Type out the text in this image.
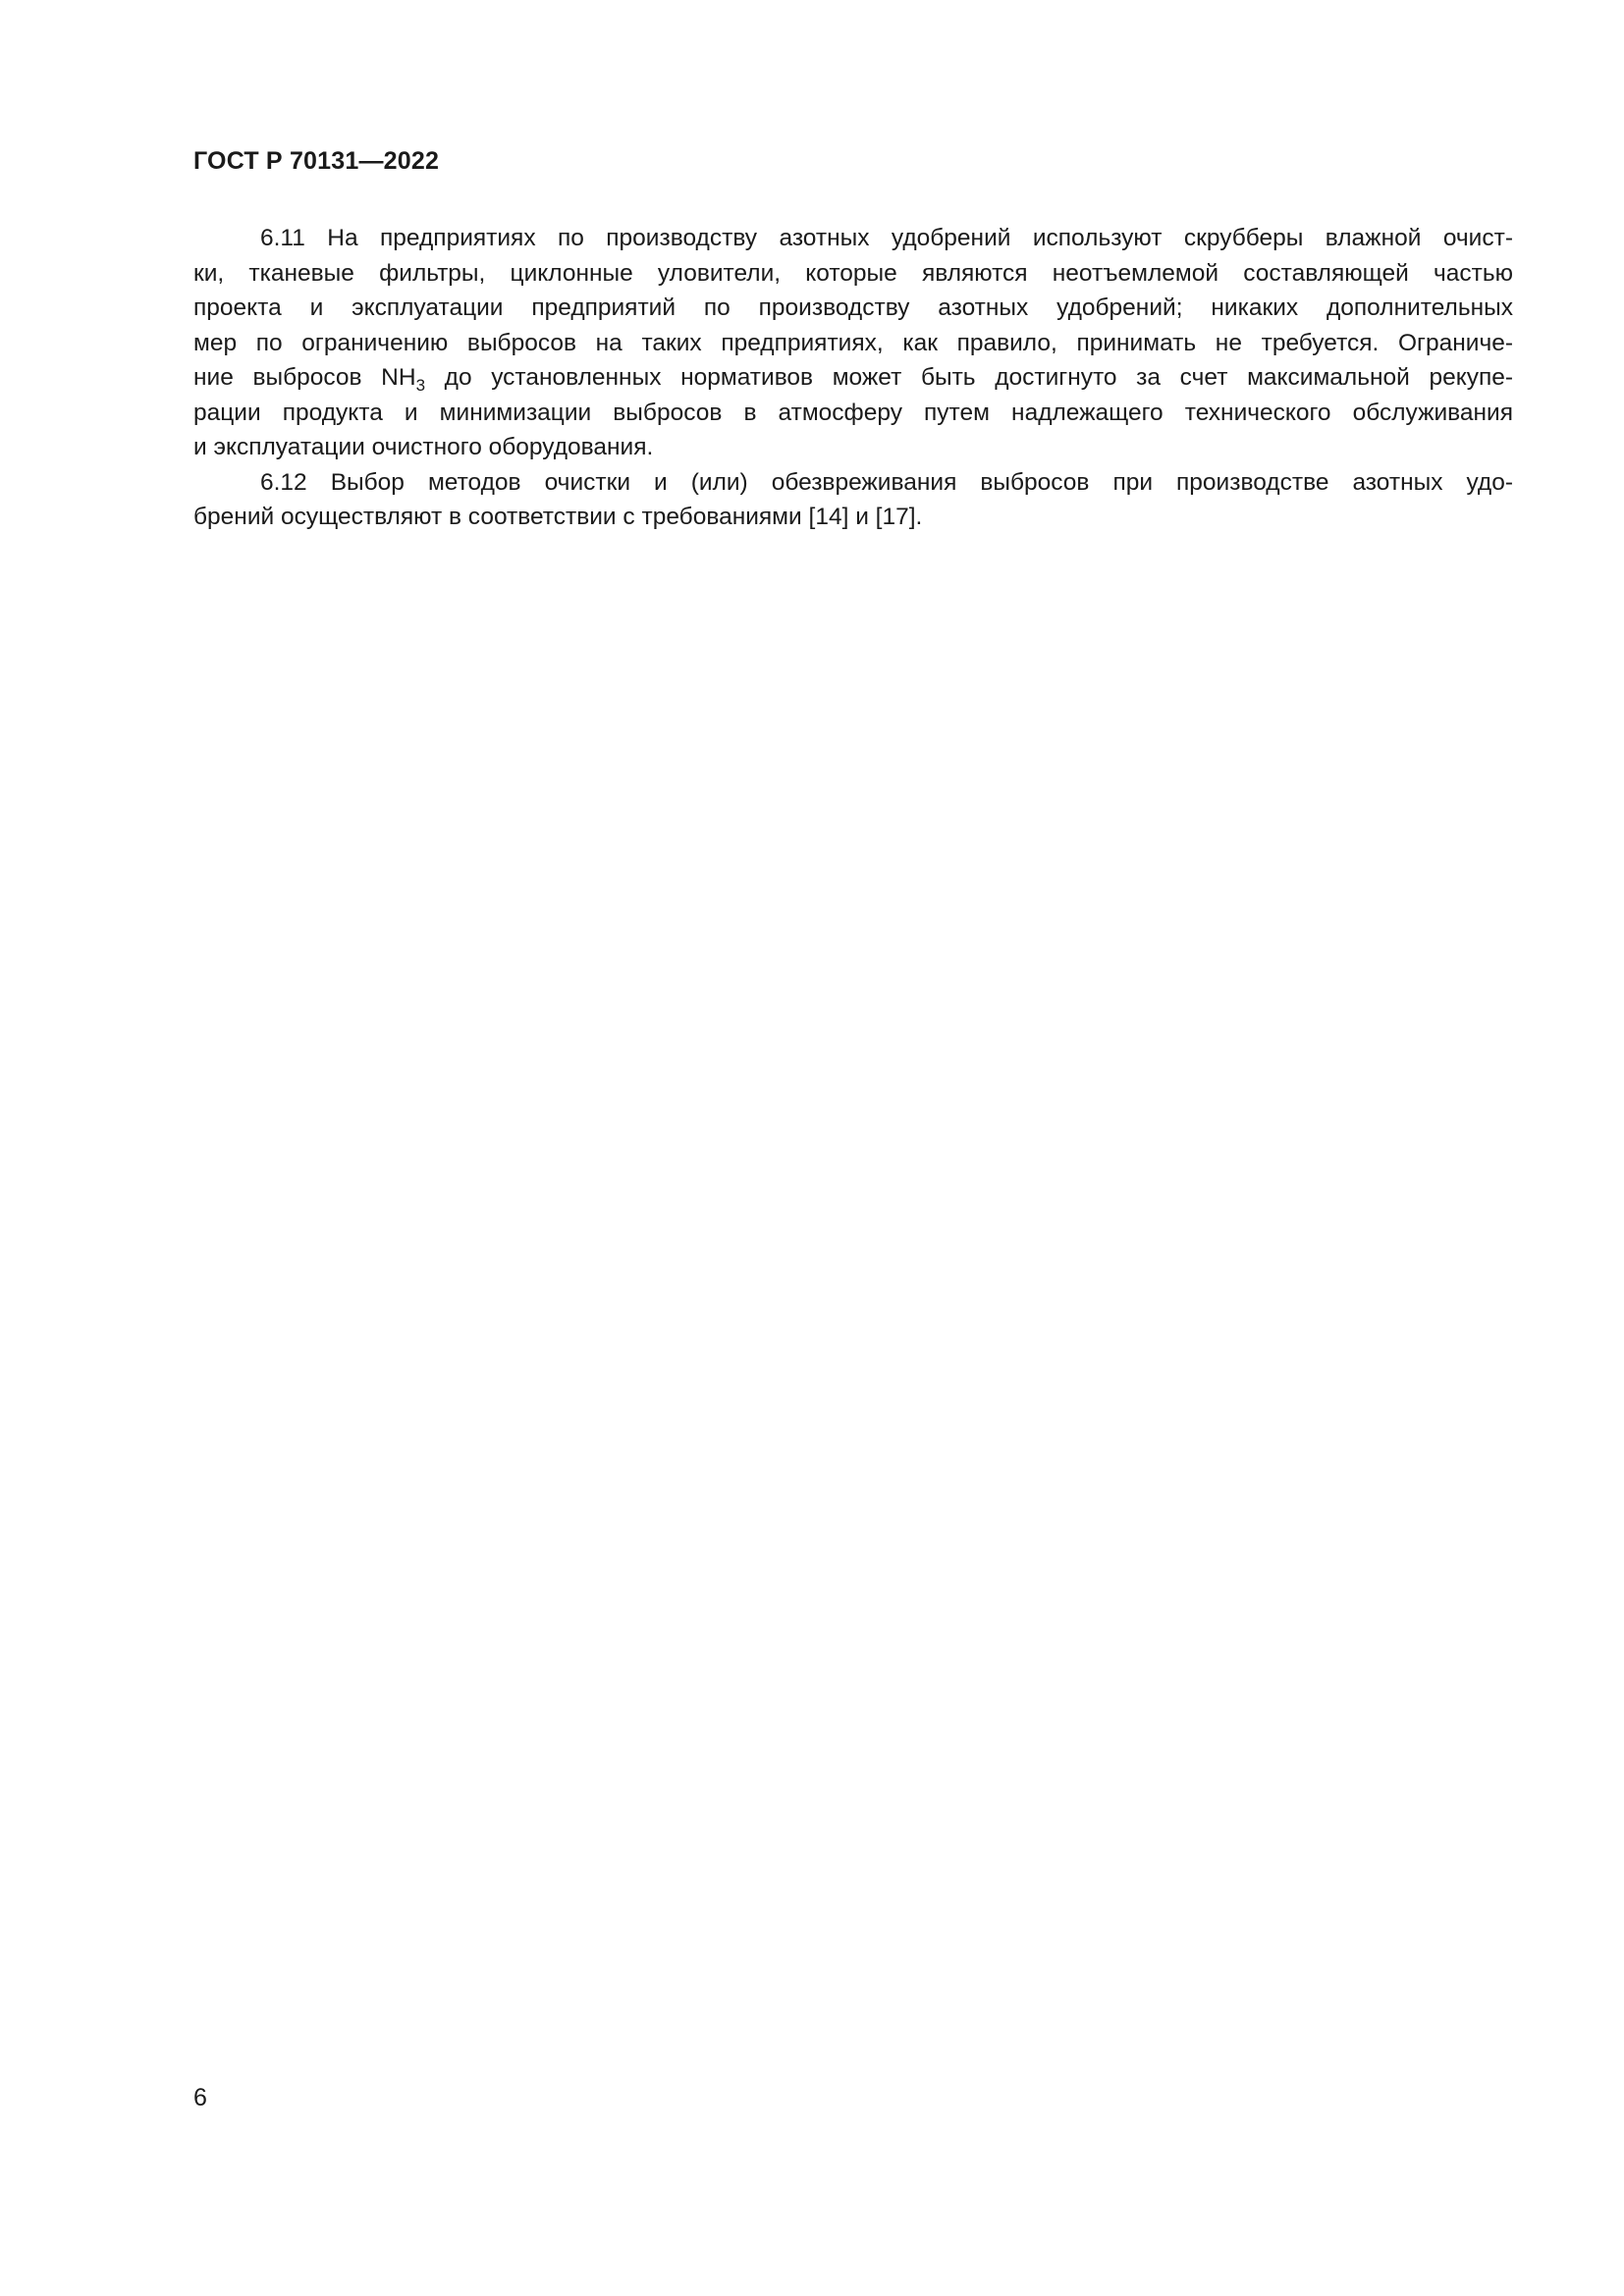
ГОСТ Р 70131—2022
6.11 На предприятиях по производству азотных удобрений используют скрубберы влажной очист-
ки, тканевые фильтры, циклонные уловители, которые являются неотъемлемой составляющей частью
проекта и эксплуатации предприятий по производству азотных удобрений; никаких дополнительных
мер по ограничению выбросов на таких предприятиях, как правило, принимать не требуется. Ограниче-
ние выбросов $NH_3$ до установленных нормативов может быть достигнуто за счет максимальной рекупе-
рации продукта и минимизации выбросов в атмосферу путем надлежащего технического обслуживания
и эксплуатации очистного оборудования.
6.12 Выбор методов очистки и (или) обезвреживания выбросов при производстве азотных удо-
брений осуществляют в соответствии с требованиями [14] и [17].
6
